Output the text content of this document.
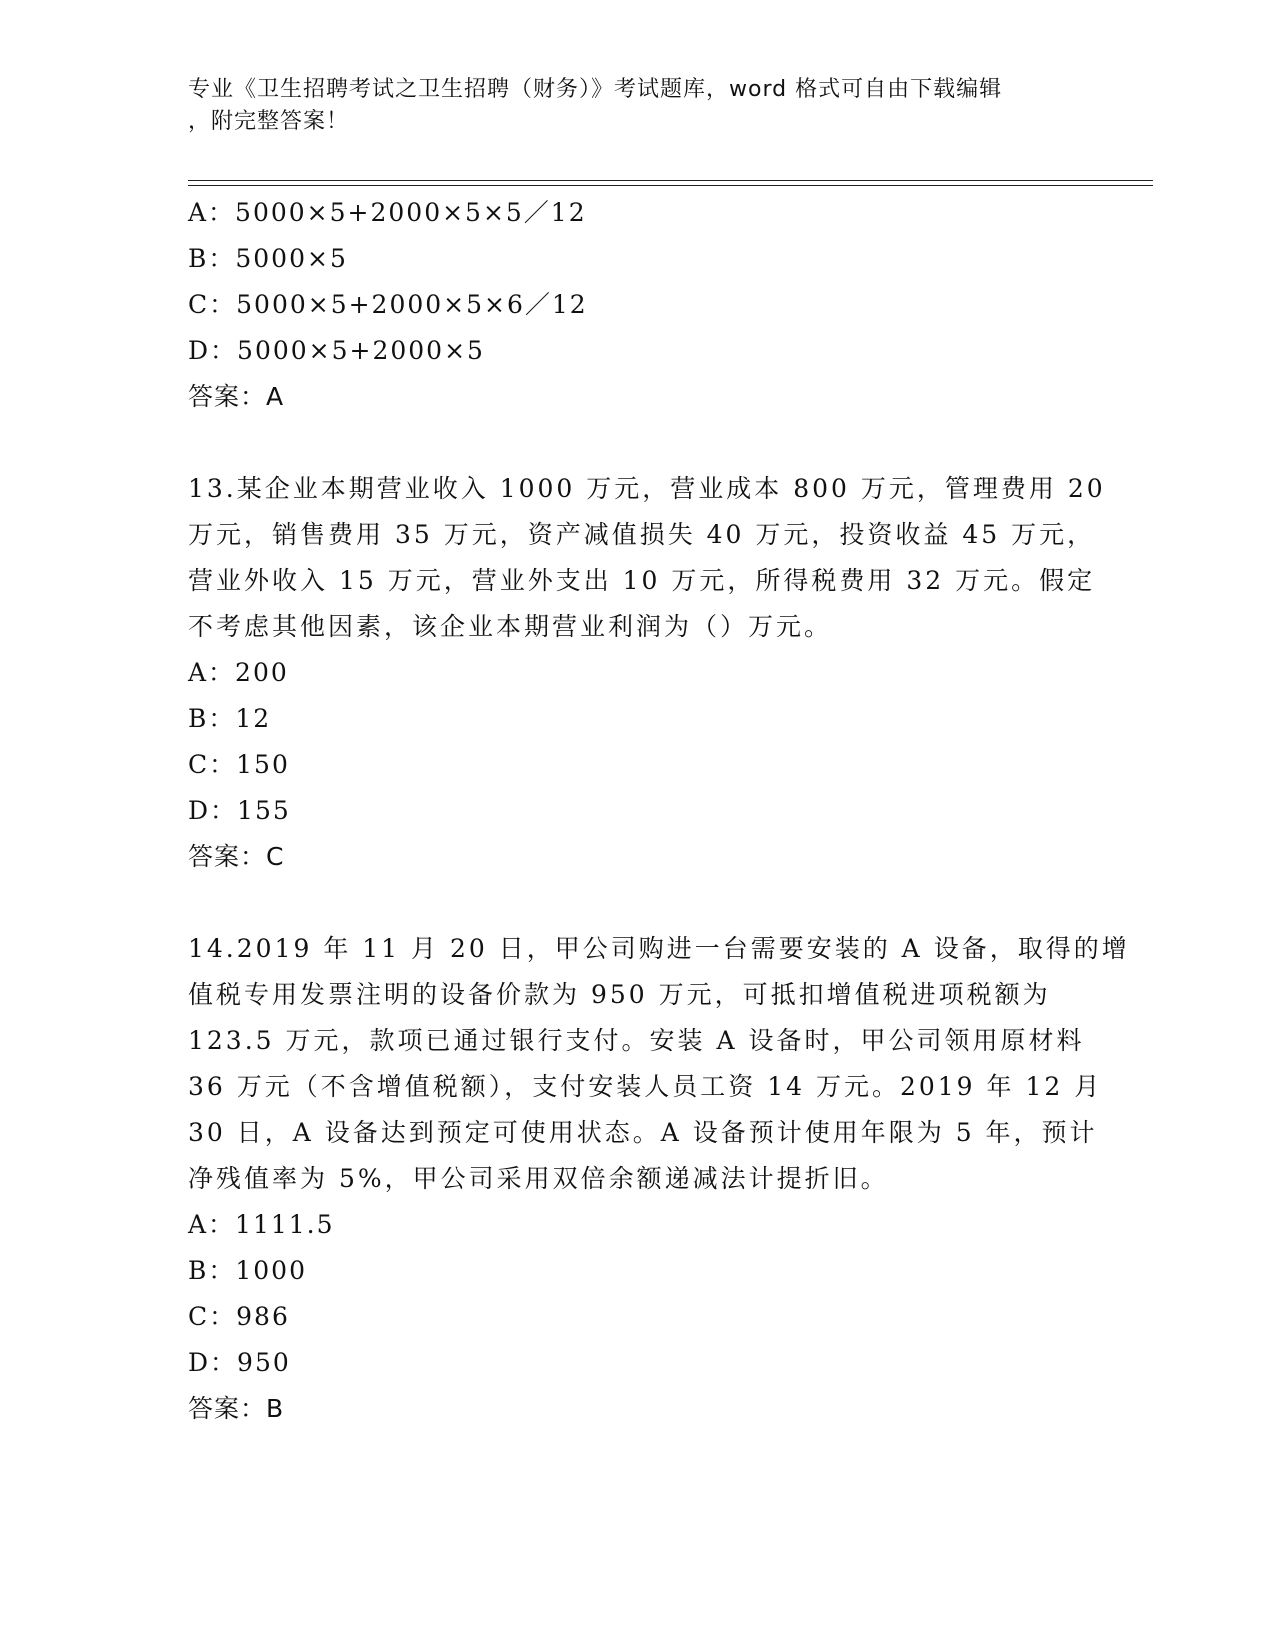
专业《卫生招聘考试之卫生招聘（财务）》考试题库，word 格式可自由下载编辑
，附完整答案！
A：5000×5+2000×5×5／12
B：5000×5
C：5000×5+2000×5×6／12
D：5000×5+2000×5
答案：A
13.某企业本期营业收入 1000 万元，营业成本 800 万元，管理费用 20
万元，销售费用 35 万元，资产减值损失 40 万元，投资收益 45 万元，
营业外收入 15 万元，营业外支出 10 万元，所得税费用 32 万元。假定
不考虑其他因素，该企业本期营业利润为（）万元。
A：200
B：12
C：150
D：155
答案：C
14.2019 年 11 月 20 日，甲公司购进一台需要安装的 A 设备，取得的增
值税专用发票注明的设备价款为 950 万元，可抵扣增值税进项税额为
123.5 万元，款项已通过银行支付。安装 A 设备时，甲公司领用原材料
36 万元（不含增值税额），支付安装人员工资 14 万元。2019 年 12 月
30 日，A 设备达到预定可使用状态。A 设备预计使用年限为 5 年，预计
净残值率为 5%，甲公司采用双倍余额递减法计提折旧。
A：1111.5
B：1000
C：986
D：950
答案：B
